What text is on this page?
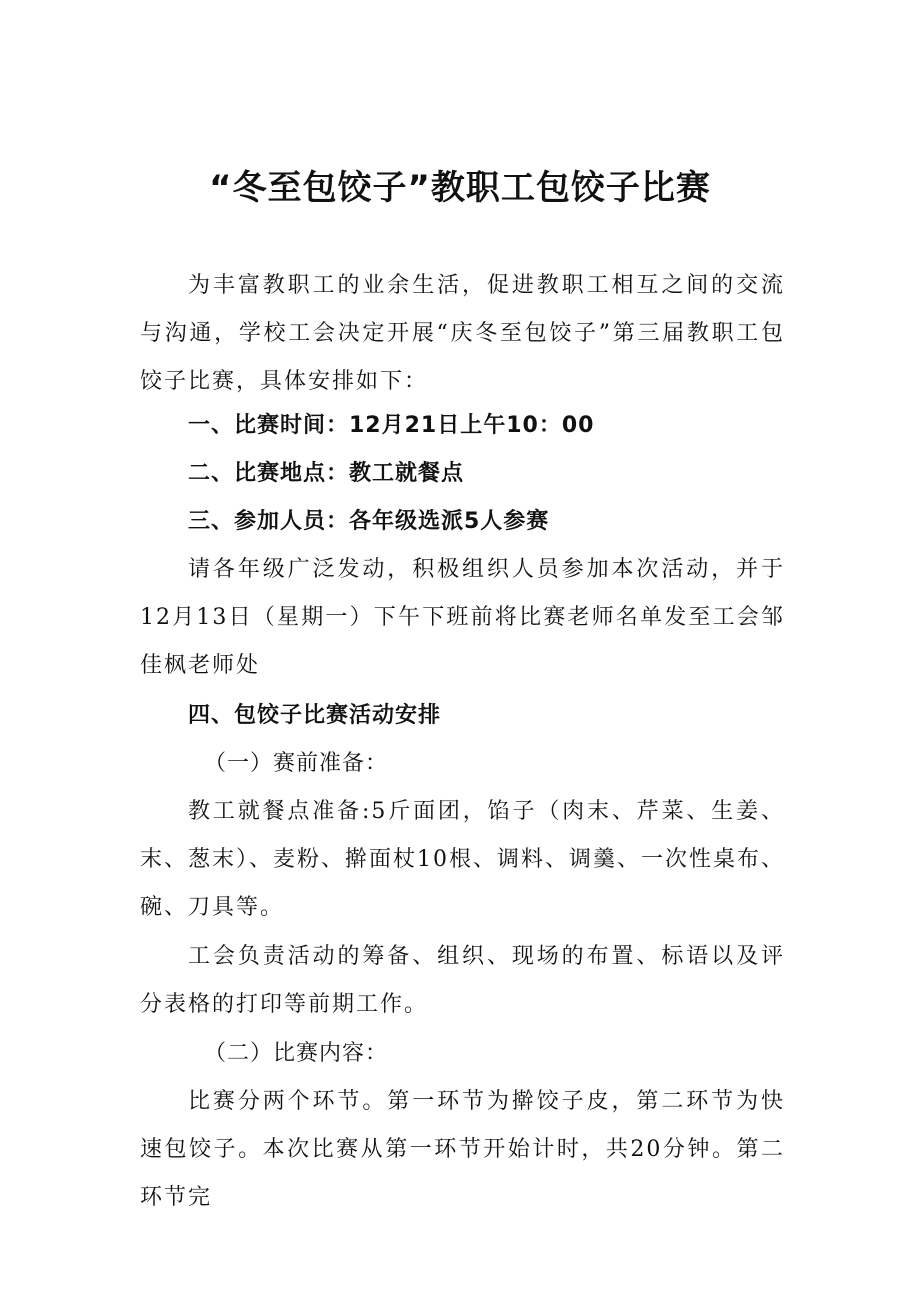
“冬至包饺子”教职工包饺子比赛

为丰富教职工的业余生活，促进教职工相互之间的交流与沟通，学校工会决定开展“庆冬至包饺子”第三届教职工包饺子比赛，具体安排如下：

一、比赛时间：12月21日上午10：00
二、比赛地点：教工就餐点
三、参加人员：各年级选派5人参赛

请各年级广泛发动，积极组织人员参加本次活动，并于12月13日（星期一）下午下班前将比赛老师名单发至工会邹佳枫老师处

四、包饺子比赛活动安排
（一）赛前准备：

教工就餐点准备:5斤面团，馅子（肉末、芹菜、生姜、末、葱末）、麦粉、擀面杖10根、调料、调羹、一次性桌布、碗、刀具等。

工会负责活动的筹备、组织、现场的布置、标语以及评分表格的打印等前期工作。

（二）比赛内容：

比赛分两个环节。第一环节为擀饺子皮，第二环节为快速包饺子。本次比赛从第一环节开始计时，共20分钟。第二环节完
